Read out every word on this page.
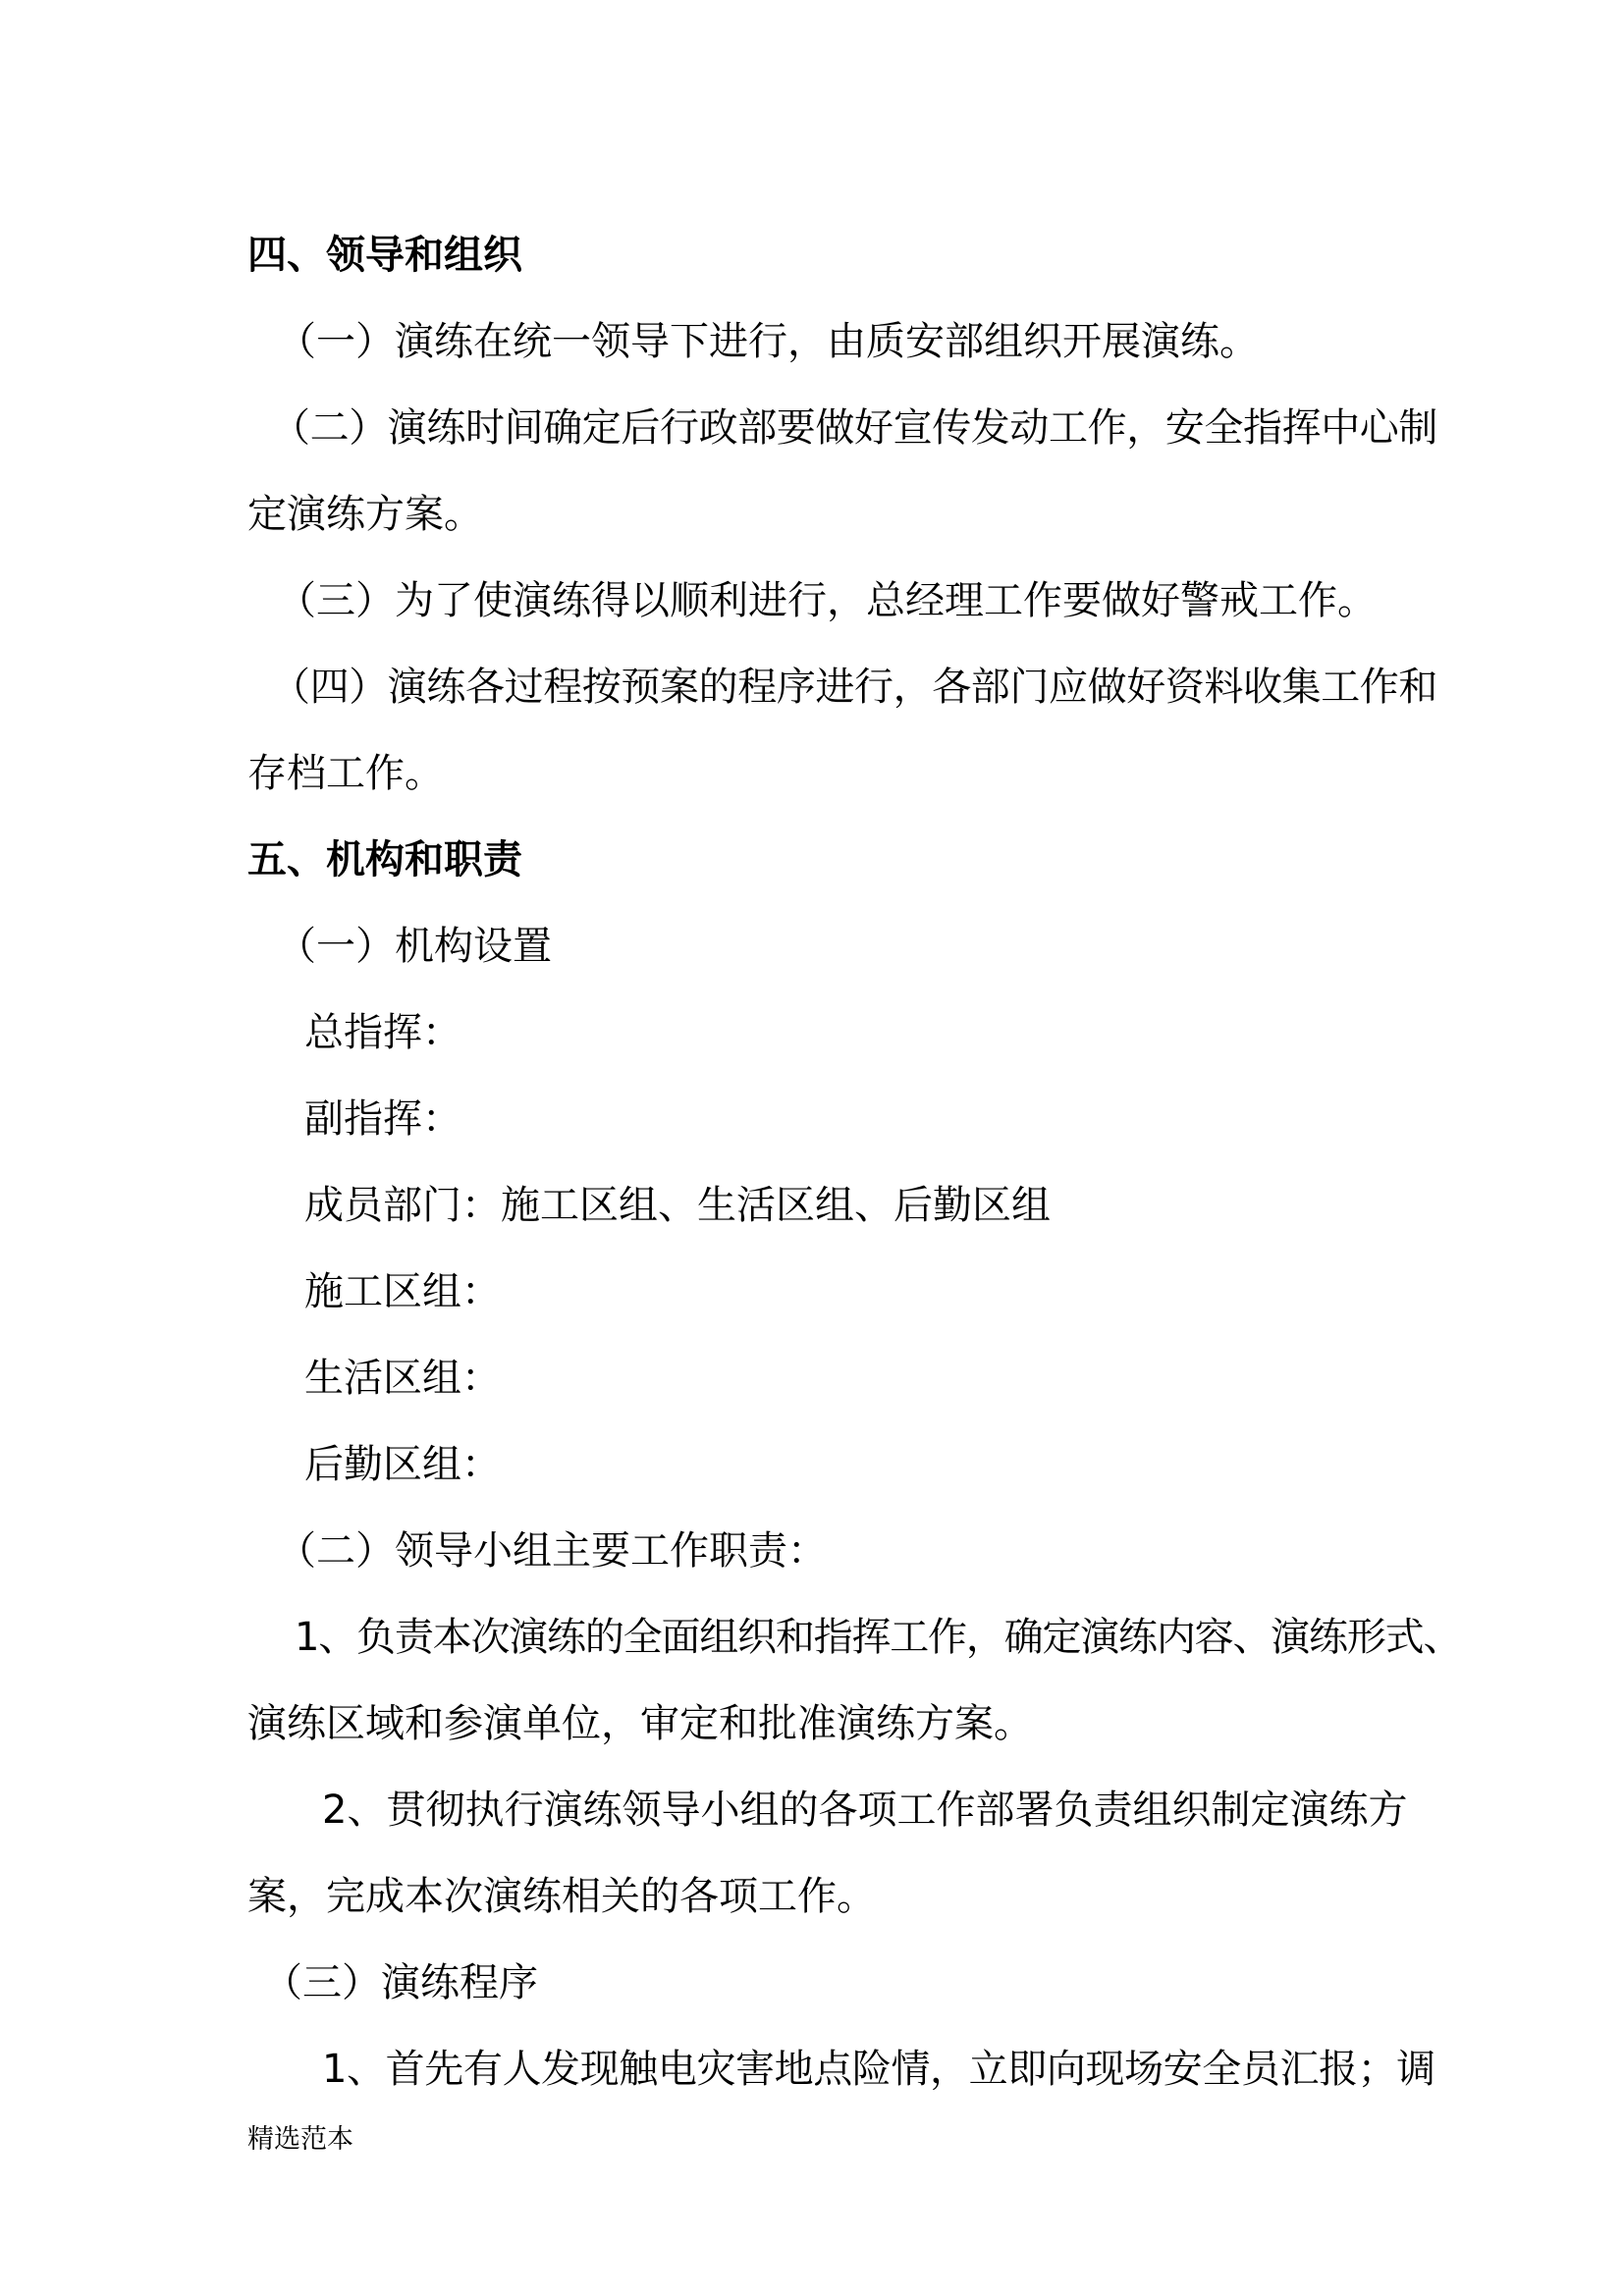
四、领导和组织

（一）演练在统一领导下进行，由质安部组织开展演练。

（二）演练时间确定后行政部要做好宣传发动工作，安全指挥中心制

定演练方案。

（三）为了使演练得以顺利进行，总经理工作要做好警戒工作。

（四）演练各过程按预案的程序进行，各部门应做好资料收集工作和

存档工作。

五、机构和职责

（一）机构设置

总指挥：

副指挥：

成员部门：施工区组、生活区组、后勤区组

施工区组：

生活区组：

后勤区组：

（二）领导小组主要工作职责：

1、负责本次演练的全面组织和指挥工作，确定演练内容、演练形式、

演练区域和参演单位，审定和批准演练方案。

2、贯彻执行演练领导小组的各项工作部署负责组织制定演练方

案，完成本次演练相关的各项工作。

（三）演练程序

1、首先有人发现触电灾害地点险情，立即向现场安全员汇报；调

精选范本
